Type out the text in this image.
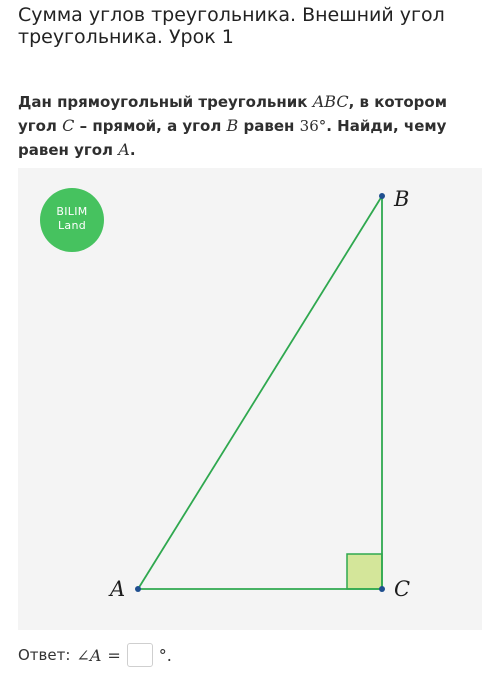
Сумма углов треугольника. Внешний угол треугольника. Урок 1

Дан прямоугольный треугольник ABC, в котором угол C – прямой, а угол B равен 36°. Найди, чему равен угол A.

A
B
C
BILIM
Land
Ответ: ∠A = °.
